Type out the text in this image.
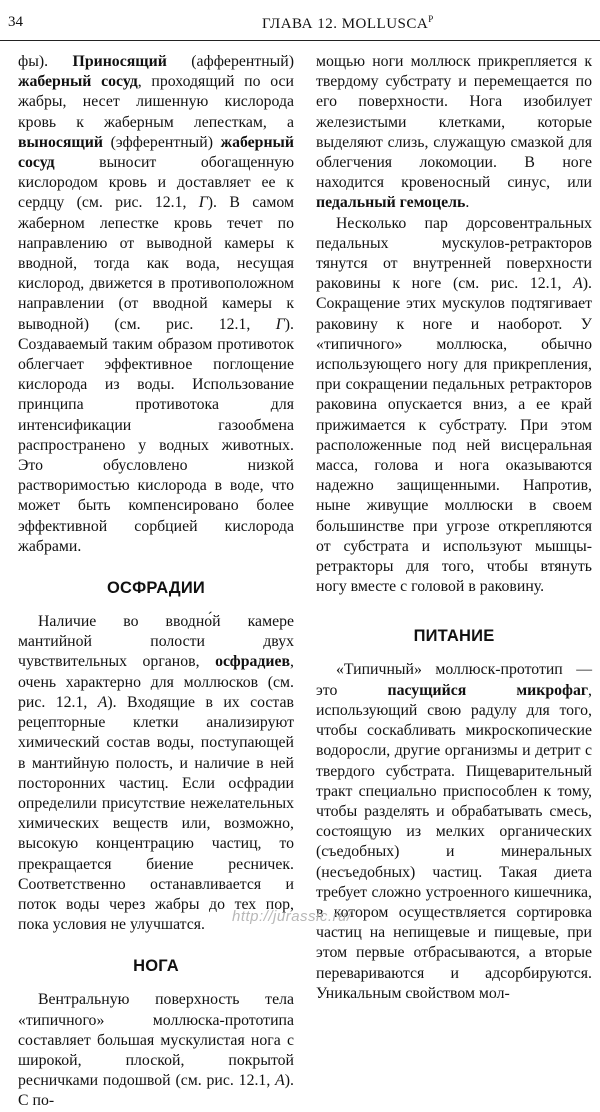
34	ГЛАВА 12. $MOLLUSCA^P$

фы). Приносящий (афферентный) жаберный сосуд, проходящий по оси жабры, несет лишенную кислорода кровь к жаберным лепесткам, а выносящий (эфферентный) жаберный сосуд выносит обогащенную кислородом кровь и доставляет ее к сердцу (см. рис. 12.1, Г). В самом жаберном лепестке кровь течет по направлению от выводной камеры к вводной, тогда как вода, несущая кислород, движется в противоположном направлении (от вводной камеры к выводной) (см. рис. 12.1, Г). Создаваемый таким образом противоток облегчает эффективное поглощение кислорода из воды. Использование принципа противотока для интенсификации газообмена распространено у водных животных. Это обусловлено низкой растворимостью кислорода в воде, что может быть компенсировано более эффективной сорбцией кислорода жабрами.

ОСФРАДИИ

Наличие во вводно́й камере мантийной полости двух чувствительных органов, осфрадиев, очень характерно для моллюсков (см. рис. 12.1, А). Входящие в их состав рецепторные клетки анализируют химический состав воды, поступающей в мантийную полость, и наличие в ней посторонних частиц. Если осфрадии определили присутствие нежелательных химических веществ или, возможно, высокую концентрацию частиц, то прекращается биение ресничек. Соответственно останавливается и поток воды через жабры до тех пор, пока условия не улучшатся.

НОГА

Вентральную поверхность тела «типичного» моллюска-прототипа составляет большая мускулистая нога с широкой, плоской, покрытой ресничками подошвой (см. рис. 12.1, А). С по-

мощью ноги моллюск прикрепляется к твердому субстрату и перемещается по его поверхности. Нога изобилует железистыми клетками, которые выделяют слизь, служащую смазкой для облегчения локомоции. В ноге находится кровеносный синус, или педальный гемоцель.

Несколько пар дорсовентральных педальных мускулов-ретракторов тянутся от внутренней поверхности раковины к ноге (см. рис. 12.1, А). Сокращение этих мускулов подтягивает раковину к ноге и наоборот. У «типичного» моллюска, обычно использующего ногу для прикрепления, при сокращении педальных ретракторов раковина опускается вниз, а ее край прижимается к субстрату. При этом расположенные под ней висцеральная масса, голова и нога оказываются надежно защищенными. Напротив, ныне живущие моллюски в своем большинстве при угрозе открепляются от субстрата и используют мышцы-ретракторы для того, чтобы втянуть ногу вместе с головой в раковину.

ПИТАНИЕ

«Типичный» моллюск-прототип — это пасущийся микрофаг, использующий свою радулу для того, чтобы соскабливать микроскопические водоросли, другие организмы и детрит с твердого субстрата. Пищеварительный тракт специально приспособлен к тому, чтобы разделять и обрабатывать смесь, состоящую из мелких органических (съедобных) и минеральных (несъедобных) частиц. Такая диета требует сложно устроенного кишечника, в котором осуществляется сортировка частиц на непищевые и пищевые, при этом первые отбрасываются, а вторые перевариваются и адсорбируются. Уникальным свойством мол-

http://jurassic.ru/
